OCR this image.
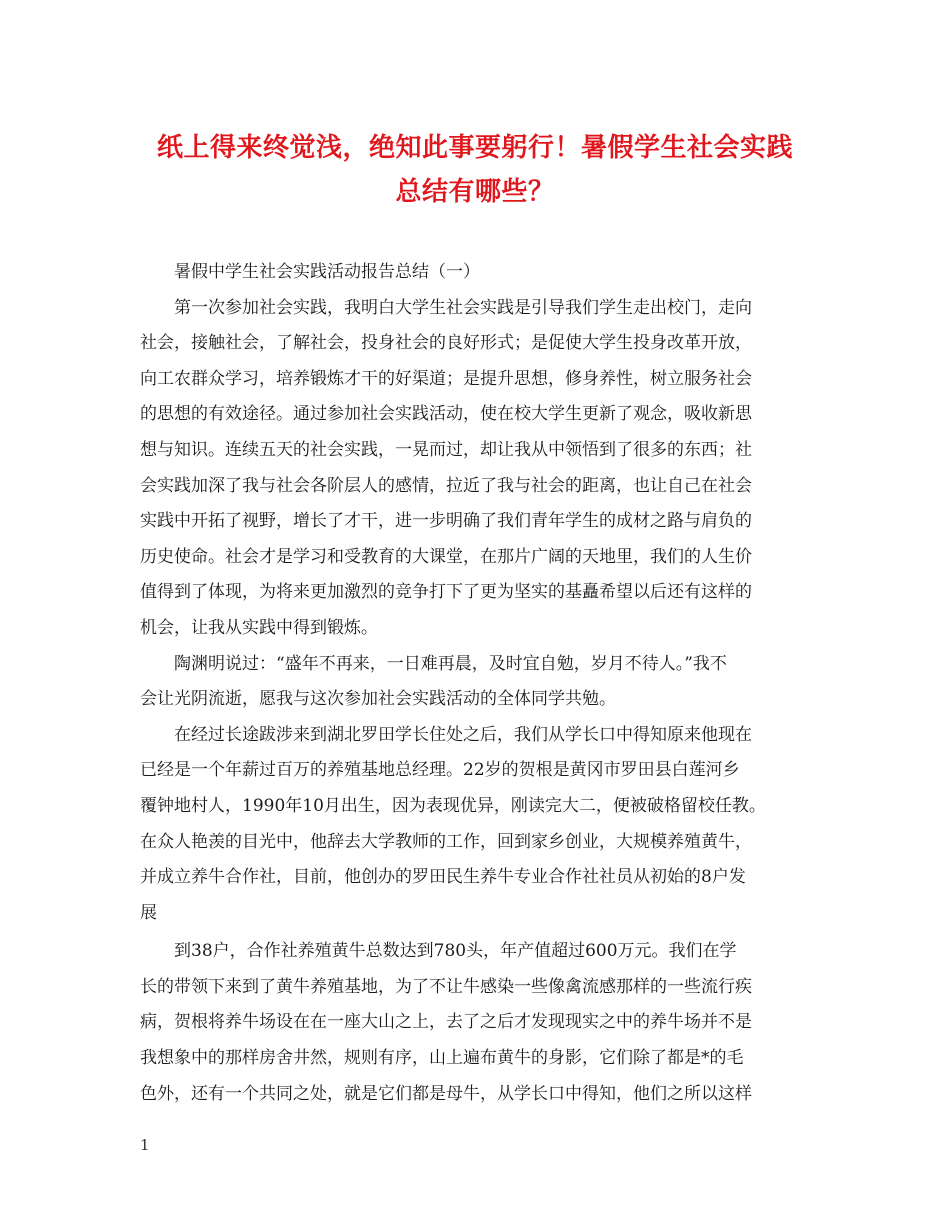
纸上得来终觉浅，绝知此事要躬行！暑假学生社会实践
总结有哪些？
暑假中学生社会实践活动报告总结（一）
第一次参加社会实践，我明白大学生社会实践是引导我们学生走出校门，走向
社会，接触社会，了解社会，投身社会的良好形式；是促使大学生投身改革开放，
向工农群众学习，培养锻炼才干的好渠道；是提升思想，修身养性，树立服务社会
的思想的有效途径。通过参加社会实践活动，使在校大学生更新了观念，吸收新思
想与知识。连续五天的社会实践，一晃而过，却让我从中领悟到了很多的东西；社
会实践加深了我与社会各阶层人的感情，拉近了我与社会的距离，也让自己在社会
实践中开拓了视野，增长了才干，进一步明确了我们青年学生的成材之路与肩负的
历史使命。社会才是学习和受教育的大课堂，在那片广阔的天地里，我们的人生价
值得到了体现，为将来更加激烈的竞争打下了更为坚实的基矗希望以后还有这样的
机会，让我从实践中得到锻炼。
陶渊明说过：“盛年不再来，一日难再晨，及时宜自勉，岁月不待人。”我不
会让光阴流逝，愿我与这次参加社会实践活动的全体同学共勉。
在经过长途跋涉来到湖北罗田学长住处之后，我们从学长口中得知原来他现在
已经是一个年薪过百万的养殖基地总经理。22岁的贺根是黄冈市罗田县白莲河乡
覆钟地村人，1990年10月出生，因为表现优异，刚读完大二，便被破格留校任教。
在众人艳羡的目光中，他辞去大学教师的工作，回到家乡创业，大规模养殖黄牛，
并成立养牛合作社，目前，他创办的罗田民生养牛专业合作社社员从初始的8户发
展
到38户，合作社养殖黄牛总数达到780头，年产值超过600万元。我们在学
长的带领下来到了黄牛养殖基地，为了不让牛感染一些像禽流感那样的一些流行疾
病，贺根将养牛场设在在一座大山之上，去了之后才发现现实之中的养牛场并不是
我想象中的那样房舍井然，规则有序，山上遍布黄牛的身影，它们除了都是*的毛
色外，还有一个共同之处，就是它们都是母牛，从学长口中得知，他们之所以这样
1
